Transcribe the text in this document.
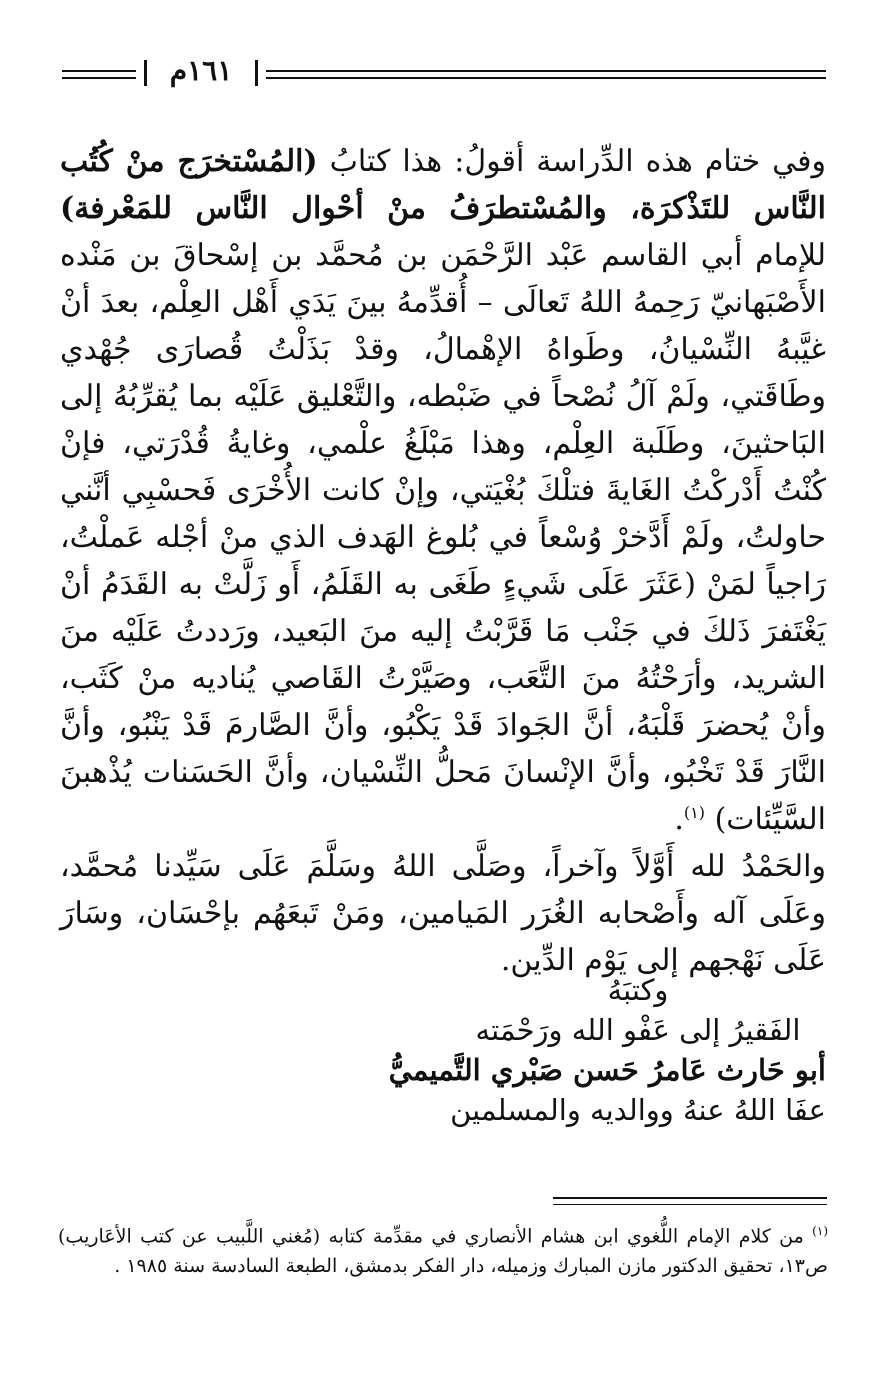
١٦١م

وفي ختام هذه الدِّراسة أقولُ: هذا كتابُ (المُسْتخرَج منْ كُتُب النَّاس للتَذْكرَة، والمُسْتطرَفُ منْ أحْوال النَّاس للمَعْرفة) للإمام أبي القاسم عَبْد الرَّحْمَن بن مُحمَّد بن إسْحاقَ بن مَنْده الأَصْبَهانيّ رَحِمهُ اللهُ تَعالَى – أُقدِّمهُ بينَ يَدَي أَهْل العِلْم، بعدَ أنْ غيَّبهُ النِّسْيانُ، وطَواهُ الإهْمالُ، وقدْ بَذَلْتُ قُصارَى جُهْدي وطَاقَتي، ولَمْ آلُ نُصْحاً في ضَبْطه، والتَّعْليق عَلَيْه بما يُقرِّبُهُ إلى البَاحثينَ، وطَلَبة العِلْم، وهذا مَبْلَغُ علْمي، وغايةُ قُدْرَتي، فإنْ كُنْتُ أَدْركْتُ الغَايةَ فتلْكَ بُغْيَتي، وإنْ كانت الأُخْرَى فَحسْبِي أنَّني حاولتُ، ولَمْ أَدَّخرْ وُسْعاً في بُلوغ الهَدف الذي منْ أجْله عَملْتُ، رَاجياً لمَنْ (عَثَرَ عَلَى شَيءٍ طَغَى به القَلَمُ، أَو زَلَّتْ به القَدَمُ أنْ يَغْتَفرَ ذَلكَ في جَنْب مَا قَرَّبْتُ إليه منَ البَعيد، ورَددتُ عَلَيْه منَ الشريد، وأرَحْتُهُ منَ التَّعَب، وصَيَّرْتُ القَاصي يُناديه منْ كَثَب، وأنْ يُحضرَ قَلْبَهُ، أنَّ الجَوادَ قَدْ يَكْبُو، وأنَّ الصَّارمَ قَدْ يَنْبُو، وأنَّ النَّارَ قَدْ تَخْبُو، وأنَّ الإنْسانَ مَحلُّ النِّسْيان، وأنَّ الحَسَنات يُذْهبنَ السَّيِّئات) $^{(١)}$.

والحَمْدُ لله أَوَّلاً وآخراً، وصَلَّى اللهُ وسَلَّمَ عَلَى سَيِّدنا مُحمَّد، وعَلَى آله وأَصْحابه الغُرَر المَيامين، ومَنْ تَبعَهُم بإحْسَان، وسَارَ عَلَى نَهْجهم إلى يَوْم الدِّين.

وكتبَهُ
الفَقيرُ إلى عَفْو الله ورَحْمَته
أبو حَارث عَامرُ حَسن صَبْري التَّميميُّ
عفَا اللهُ عنهُ ووالديه والمسلمين

$^{(١)}$ من كلام الإمام اللُّغوي ابن هشام الأنصاري في مقدِّمة كتابه (مُغني اللَّبيب عن كتب الأعَاريب) ص١٣، تحقيق الدكتور مازن المبارك وزميله، دار الفكر بدمشق، الطبعة السادسة سنة ١٩٨٥ .
